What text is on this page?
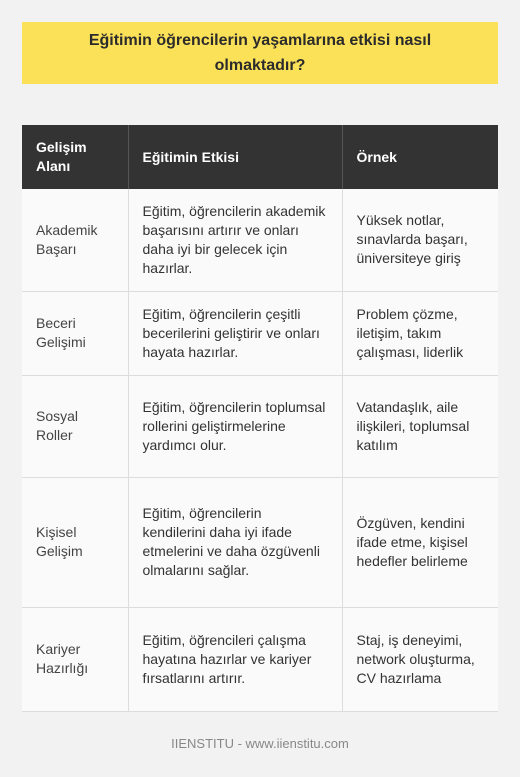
Eğitimin öğrencilerin yaşamlarına etkisi nasıl olmaktadır?
Gelişim Alanı	Eğitimin Etkisi	Örnek
Akademik Başarı	Eğitim, öğrencilerin akademik başarısını artırır ve onları daha iyi bir gelecek için hazırlar.	Yüksek notlar, sınavlarda başarı, üniversiteye giriş
Beceri Gelişimi	Eğitim, öğrencilerin çeşitli becerilerini geliştirir ve onları hayata hazırlar.	Problem çözme, iletişim, takım çalışması, liderlik
Sosyal Roller	Eğitim, öğrencilerin toplumsal rollerini geliştirmelerine yardımcı olur.	Vatandaşlık, aile ilişkileri, toplumsal katılım
Kişisel Gelişim	Eğitim, öğrencilerin kendilerini daha iyi ifade etmelerini ve daha özgüvenli olmalarını sağlar.	Özgüven, kendini ifade etme, kişisel hedefler belirleme
Kariyer Hazırlığı	Eğitim, öğrencileri çalışma hayatına hazırlar ve kariyer fırsatlarını artırır.	Staj, iş deneyimi, network oluşturma, CV hazırlama
IIENSTITU - www.iienstitu.com
